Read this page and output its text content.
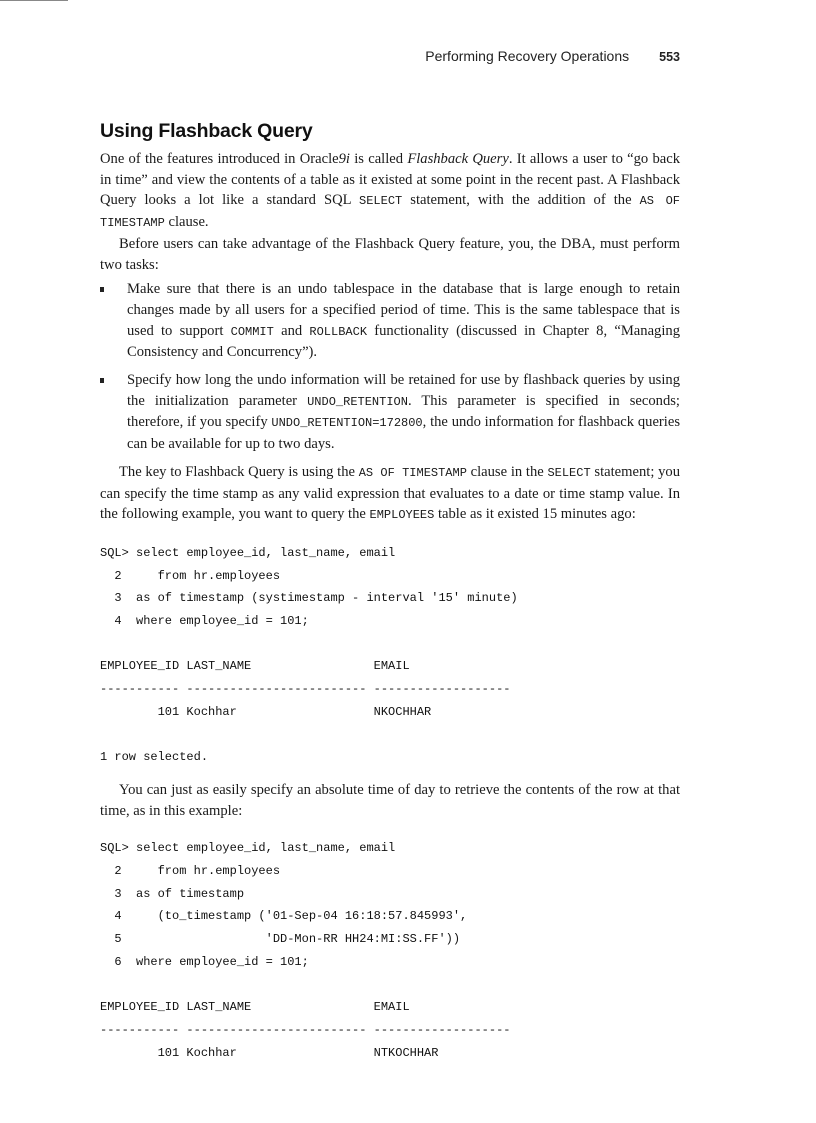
Performing Recovery Operations 553
Using Flashback Query

One of the features introduced in Oracle9i is called Flashback Query. It allows a user to “go back in time” and view the contents of a table as it existed at some point in the recent past. A Flashback Query looks a lot like a standard SQL SELECT statement, with the addition of the AS OF TIMESTAMP clause.

Before users can take advantage of the Flashback Query feature, you, the DBA, must perform two tasks:

Make sure that there is an undo tablespace in the database that is large enough to retain changes made by all users for a specified period of time. This is the same tablespace that is used to support COMMIT and ROLLBACK functionality (discussed in Chapter 8, “Managing Consistency and Concurrency”).
Specify how long the undo information will be retained for use by flashback queries by using the initialization parameter UNDO_RETENTION. This parameter is specified in seconds; therefore, if you specify UNDO_RETENTION=172800, the undo information for flashback queries can be available for up to two days.

The key to Flashback Query is using the AS OF TIMESTAMP clause in the SELECT statement; you can specify the time stamp as any valid expression that evaluates to a date or time stamp value. In the following example, you want to query the EMPLOYEES table as it existed 15 minutes ago:

SQL> select employee_id, last_name, email
2     from hr.employees
3  as of timestamp (systimestamp - interval '15' minute)
4  where employee_id = 101;
EMPLOYEE_ID LAST_NAME                 EMAIL
----------- ------------------------- -------------------
101 Kochhar                   NKOCHHAR
1 row selected.

You can just as easily specify an absolute time of day to retrieve the contents of the row at that time, as in this example:

SQL> select employee_id, last_name, email
2     from hr.employees
3  as of timestamp
4     (to_timestamp ('01-Sep-04 16:18:57.845993',
5                    'DD-Mon-RR HH24:MI:SS.FF'))
6  where employee_id = 101;
EMPLOYEE_ID LAST_NAME                 EMAIL
----------- ------------------------- -------------------
101 Kochhar                   NTKOCHHAR
